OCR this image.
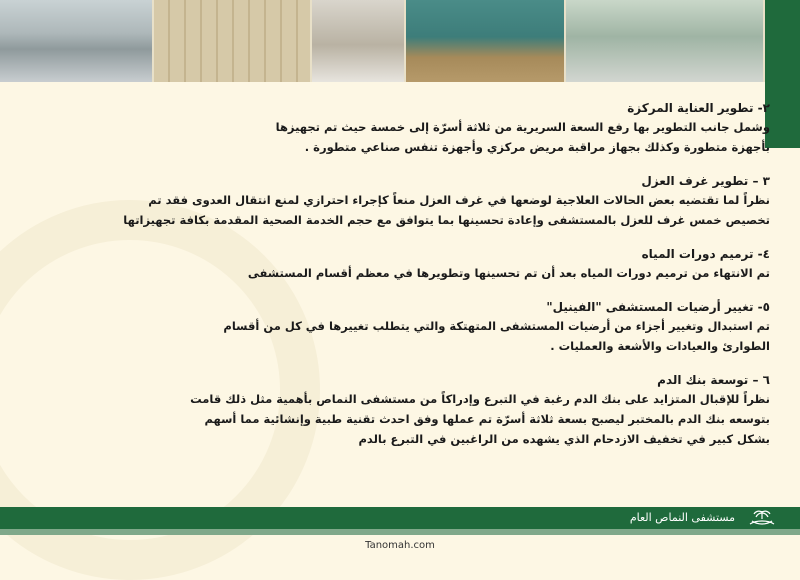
٢- تطوير العناية المركزة
وشمل جانب التطوير بها رفع السعة السريرية من ثلاثة أسرّة إلى خمسة حيث تم تجهيزها
بأجهزة متطورة وكذلك بجهاز مراقبة مريض مركزي وأجهزة تنفس صناعي متطورة .
٣ – تطوير غرف العزل
نظراً لما تقتضيه بعض الحالات العلاجية لوضعها في غرف العزل منعاً كإجراء احترازي لمنع انتقال العدوى فقد تم
تخصيص خمس غرف للعزل بالمستشفى وإعادة تحسينها بما يتوافق مع حجم الخدمة الصحية المقدمة بكافة تجهيزاتها
٤- ترميم دورات المياه
تم الانتهاء من ترميم دورات المياه بعد أن تم تحسينها وتطويرها في معظم أقسام المستشفى
٥- تغيير أرضيات المستشفى "الفينيل"
تم استبدال وتغيير أجزاء من أرضيات المستشفى المتهتكة والتي يتطلب تغييرها في كل من أقسام
الطوارئ والعيادات والأشعة والعمليات .
٦ – توسعة بنك الدم
نظراً للإقبال المتزايد على بنك الدم رغبة في التبرع وإدراكاً من مستشفى النماص بأهمية مثل ذلك قامت
بتوسعه بنك الدم بالمختبر ليصبح بسعة ثلاثة أسرّة تم عملها وفق احدث تقنية طبية وإنشائية مما أسهم
بشكل كبير في تخفيف الازدحام الذي يشهده من الراغبين في التبرع بالدم
مستشفى النماص العام
Tanomah.com
